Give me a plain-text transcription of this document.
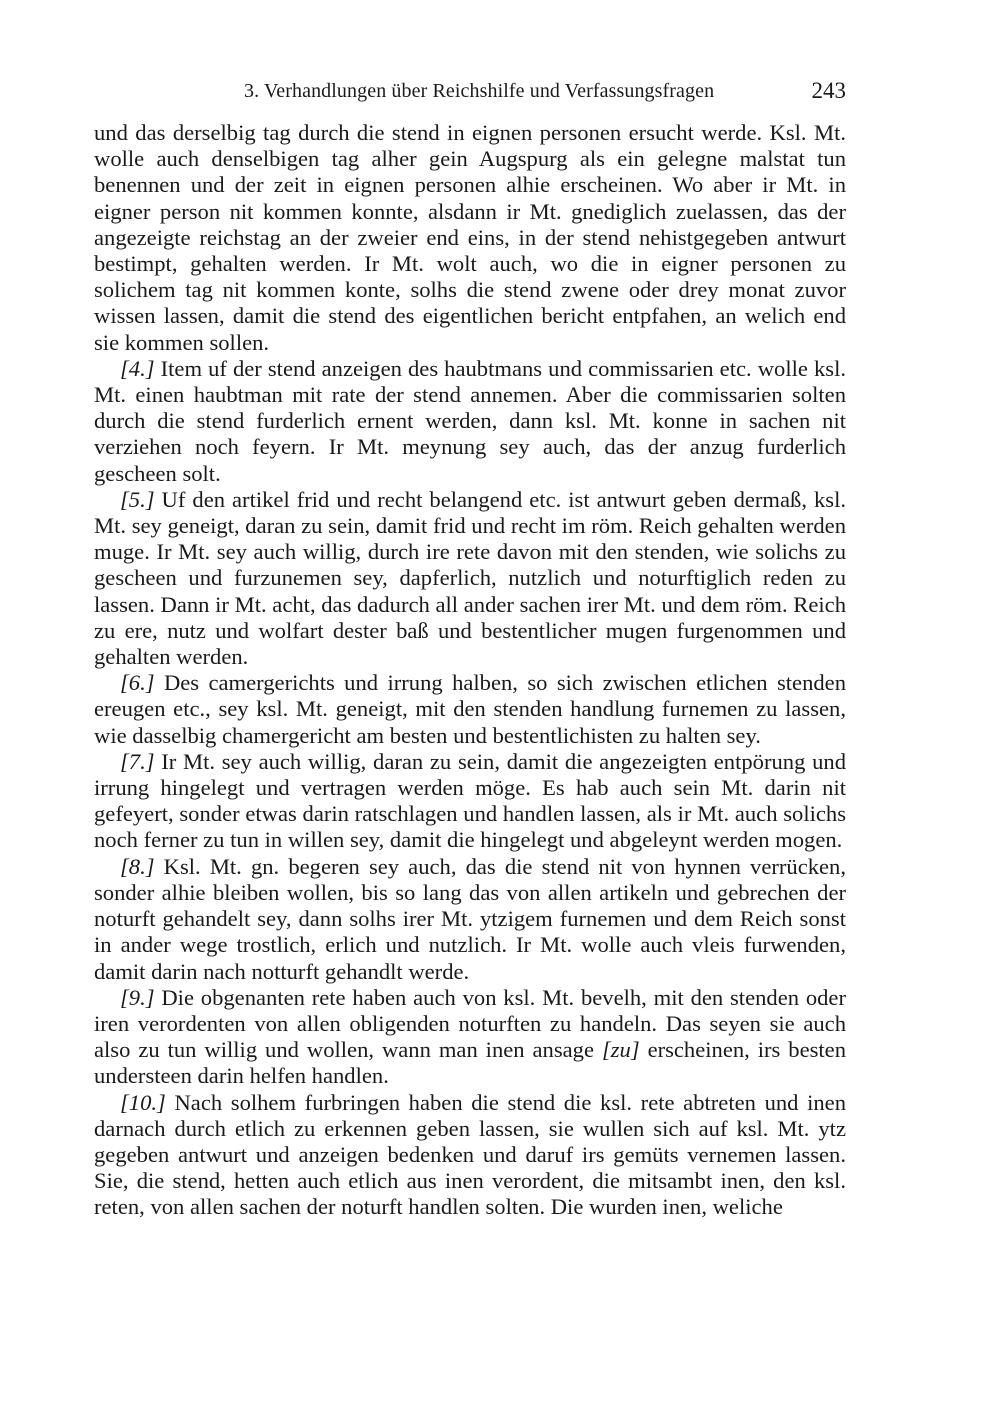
3. Verhandlungen über Reichshilfe und Verfassungsfragen	243

und das derselbig tag durch die stend in eignen personen ersucht werde. Ksl. Mt. wolle auch denselbigen tag alher gein Augspurg als ein gelegne malstat tun benennen und der zeit in eignen personen alhie erscheinen. Wo aber ir Mt. in eigner person nit kommen konnte, alsdann ir Mt. gnediglich zuelassen, das der angezeigte reichstag an der zweier end eins, in der stend nehistgegeben antwurt bestimpt, gehalten werden. Ir Mt. wolt auch, wo die in eigner personen zu solichem tag nit kommen konte, solhs die stend zwene oder drey monat zuvor wissen lassen, damit die stend des eigentlichen bericht entpfahen, an welich end sie kommen sollen.

[4.] Item uf der stend anzeigen des haubtmans und commissarien etc. wolle ksl. Mt. einen haubtman mit rate der stend annemen. Aber die commissarien solten durch die stend furderlich ernent werden, dann ksl. Mt. konne in sachen nit verziehen noch feyern. Ir Mt. meynung sey auch, das der anzug furderlich gescheen solt.

[5.] Uf den artikel frid und recht belangend etc. ist antwurt geben dermaß, ksl. Mt. sey geneigt, daran zu sein, damit frid und recht im röm. Reich gehalten werden muge. Ir Mt. sey auch willig, durch ire rete davon mit den stenden, wie solichs zu gescheen und furzunemen sey, dapferlich, nutzlich und noturftiglich reden zu lassen. Dann ir Mt. acht, das dadurch all ander sachen irer Mt. und dem röm. Reich zu ere, nutz und wolfart dester baß und bestentlicher mugen furgenommen und gehalten werden.

[6.] Des camergerichts und irrung halben, so sich zwischen etlichen stenden ereugen etc., sey ksl. Mt. geneigt, mit den stenden handlung furnemen zu lassen, wie dasselbig chamergericht am besten und bestentlichisten zu halten sey.

[7.] Ir Mt. sey auch willig, daran zu sein, damit die angezeigten entpörung und irrung hingelegt und vertragen werden möge. Es hab auch sein Mt. darin nit gefeyert, sonder etwas darin ratschlagen und handlen lassen, als ir Mt. auch solichs noch ferner zu tun in willen sey, damit die hingelegt und abgeleynt werden mogen.

[8.] Ksl. Mt. gn. begeren sey auch, das die stend nit von hynnen verrücken, sonder alhie bleiben wollen, bis so lang das von allen artikeln und gebrechen der noturft gehandelt sey, dann solhs irer Mt. ytzigem furnemen und dem Reich sonst in ander wege trostlich, erlich und nutzlich. Ir Mt. wolle auch vleis furwenden, damit darin nach notturft gehandlt werde.

[9.] Die obgenanten rete haben auch von ksl. Mt. bevelh, mit den stenden oder iren verordenten von allen obligenden noturften zu handeln. Das seyen sie auch also zu tun willig und wollen, wann man inen ansage [zu] erscheinen, irs besten understeen darin helfen handlen.

[10.] Nach solhem furbringen haben die stend die ksl. rete abtreten und inen darnach durch etlich zu erkennen geben lassen, sie wullen sich auf ksl. Mt. ytz gegeben antwurt und anzeigen bedenken und daruf irs gemüts vernemen lassen. Sie, die stend, hetten auch etlich aus inen verordent, die mitsambt inen, den ksl. reten, von allen sachen der noturft handlen solten. Die wurden inen, weliche
